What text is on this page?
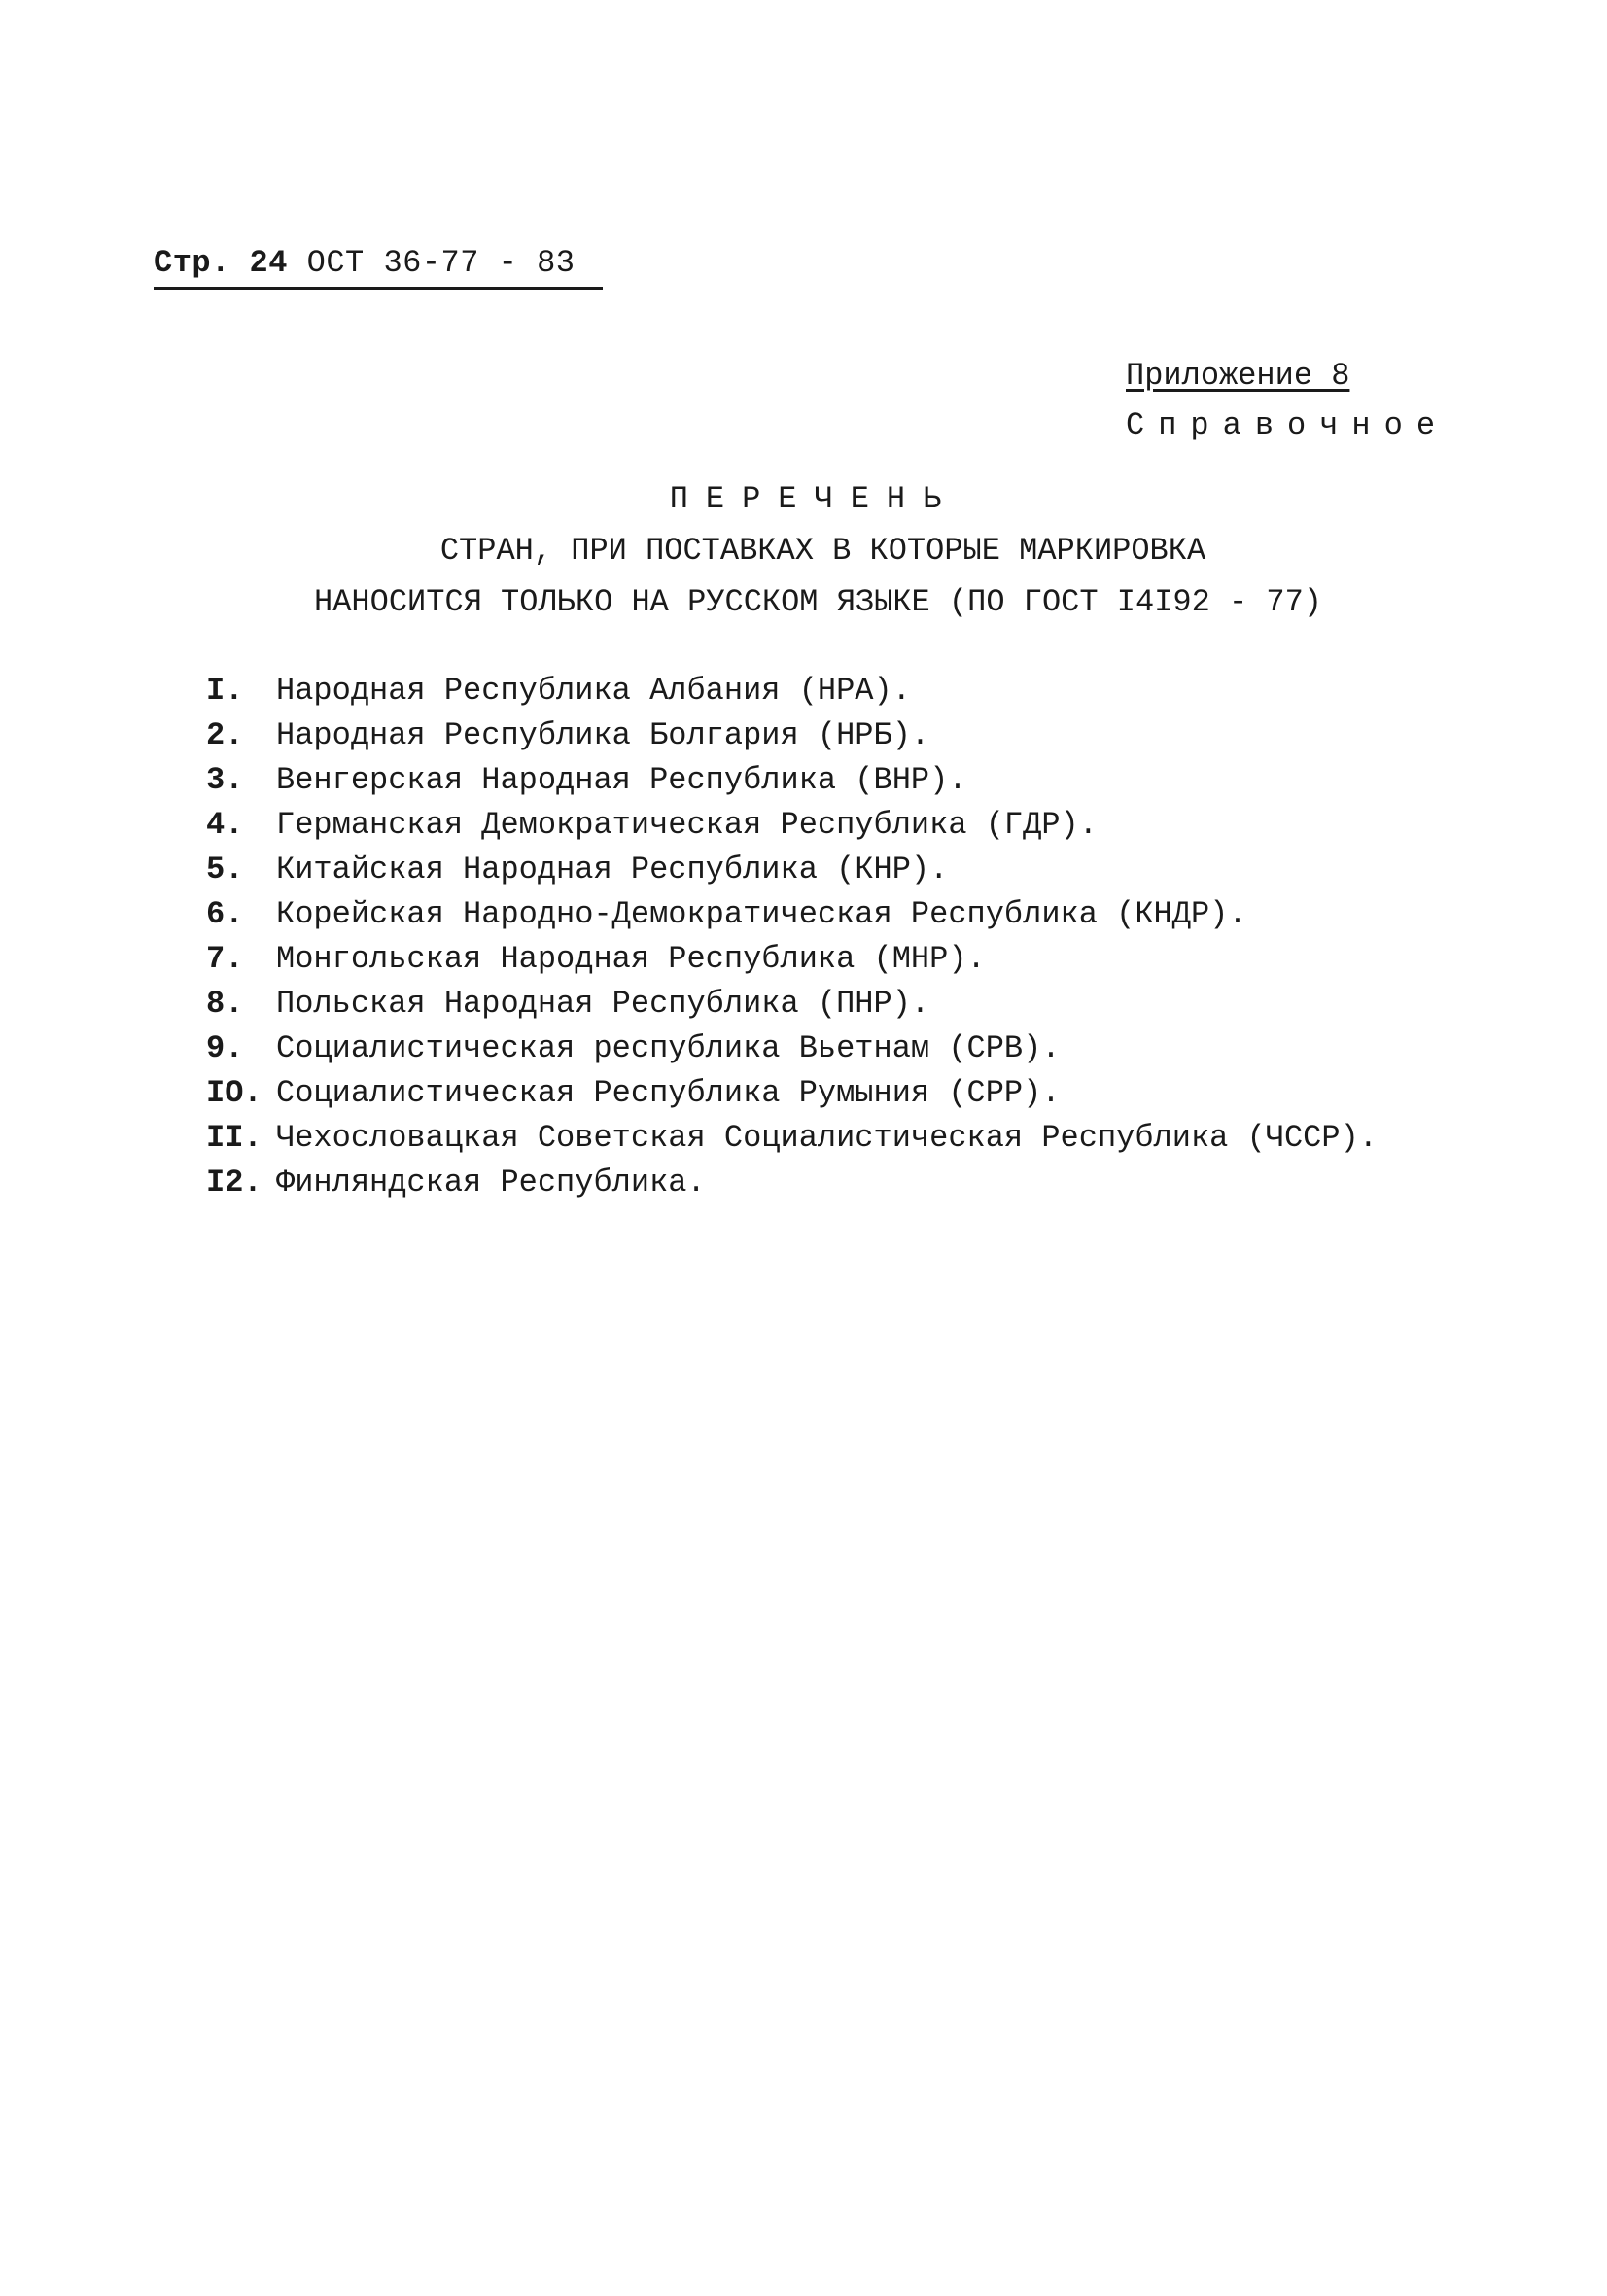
Стр. 24 ОСТ 36-77 - 83
Приложение 8
Справочное
ПЕРЕЧЕНЬ
СТРАН, ПРИ ПОСТАВКАХ В КОТОРЫЕ МАРКИРОВКА
НАНОСИТСЯ ТОЛЬКО НА РУССКОМ ЯЗЫКЕ (ПО ГОСТ I4I92 - 77)
I. Народная Республика Албания (НРА).
2. Народная Республика Болгария (НРБ).
3. Венгерская Народная Республика (ВНР).
4. Германская Демократическая Республика (ГДР).
5. Китайская Народная Республика (КНР).
6. Корейская Народно-Демократическая Республика (КНДР).
7. Монгольская Народная Республика (МНР).
8. Польская Народная Республика (ПНР).
9. Социалистическая республика Вьетнам (СРВ).
IO. Социалистическая Республика Румыния (СРР).
II. Чехословацкая Советская Социалистическая Республика (ЧССР).
I2. Финляндская Республика.
